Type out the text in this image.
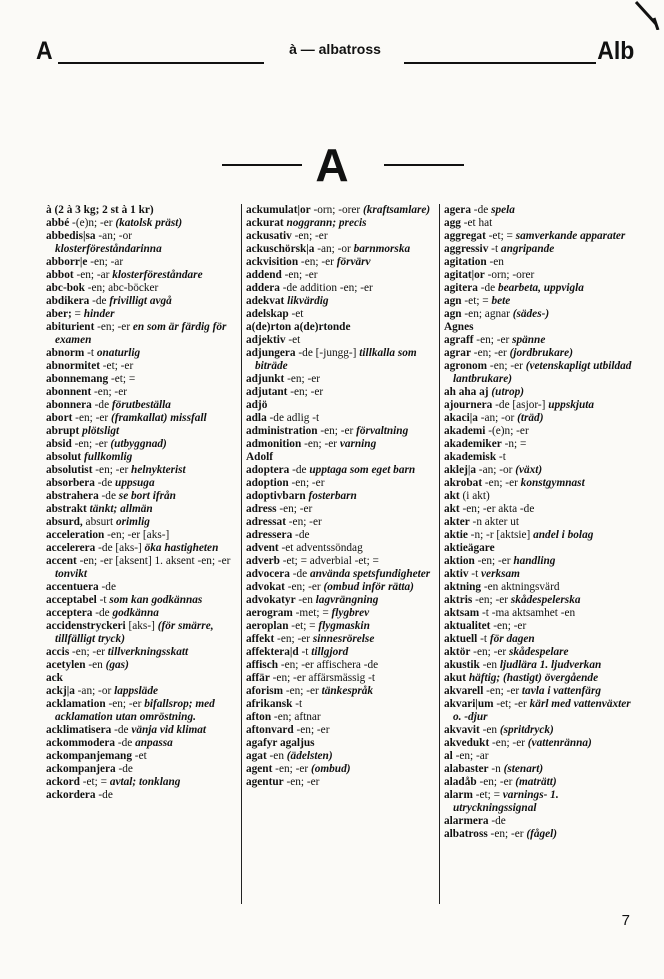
A	à — albatross	Alb
A

à (2 à 3 kg; 2 st à 1 kr)

abbé -(e)n; -er (katolsk präst)

abbedis|sa -an; -or klosterföreståndarinna

abborr|e -en; -ar

abbot -en; -ar klosterföreståndare

abc-bok -en; abc-böcker

abdikera -de frivilligt avgå

aber; = hinder

abiturient -en; -er en som är färdig för examen

abnorm -t onaturlig

abnormitet -et; -er

abonnemang -et; =

abonnent -en; -er

abonnera -de förutbeställa

abort -en; -er (framkallat) missfall

abrupt plötsligt

absid -en; -er (utbyggnad)

absolut fullkomlig

absolutist -en; -er helnykterist

absorbera -de uppsuga

abstrahera -de se bort ifrån

abstrakt tänkt; allmän

absurd, absurt orimlig

acceleration -en; -er [aks-]

accelerera -de [aks-] öka hastigheten

accent -en; -er [aksent] 1. aksent -en; -er tonvikt

accentuera -de

acceptabel -t som kan godkännas

acceptera -de godkänna

accidenstryckeri [aks-] (för smärre, tillfälligt tryck)

accis -en; -er tillverkningsskatt

acetylen -en (gas)

ack

ackj|a -an; -or lappsläde

acklamation -en; -er bifallsrop; med acklamation utan omröstning.

acklimatisera -de vänja vid klimat

ackommodera -de anpassa

ackompanjemang -et

ackompanjera -de

ackord -et; = avtal; tonklang

ackordera -de

ackumulat|or -orn; -orer (kraftsamlare)

ackurat noggrann; precis

ackusativ -en; -er

ackuschörsk|a -an; -or barnmorska

ackvisition -en; -er förvärv

addend -en; -er

addera -de addition -en; -er

adekvat likvärdig

adelskap -et

a(de)rton a(de)rtonde

adjektiv -et

adjungera -de [-jungg-] tillkalla som biträde

adjunkt -en; -er

adjutant -en; -er

adjö

adla -de adlig -t

administration -en; -er förvaltning

admonition -en; -er varning

Adolf

adoptera -de upptaga som eget barn

adoption -en; -er

adoptivbarn fosterbarn

adress -en; -er

adressat -en; -er

adressera -de

advent -et adventssöndag

adverb -et; = adverbial -et; =

advocera -de använda spetsfundigheter

advokat -en; -er (ombud inför rätta)

advokatyr -en lagvrängning

aerogram -met; = flygbrev

aeroplan -et; = flygmaskin

affekt -en; -er sinnesrörelse

affektera|d -t tillgjord

affisch -en; -er affischera -de

affär -en; -er affärsmässig -t

aforism -en; -er tänkespråk

afrikansk -t

afton -en; aftnar

aftonvard -en; -er

agafyr agaljus

agat -en (ädelsten)

agent -en; -er (ombud)

agentur -en; -er

agera -de spela

agg -et hat

aggregat -et; = samverkande apparater

aggressiv -t angripande

agitation -en

agitat|or -orn; -orer

agitera -de bearbeta, uppvigla

agn -et; = bete

agn -en; agnar (sädes-)

Agnes

agraff -en; -er spänne

agrar -en; -er (jordbrukare)

agronom -en; -er (vetenskapligt utbildad lantbrukare)

ah aha aj (utrop)

ajournera -de [asjor-] uppskjuta

akaci|a -an; -or (träd)

akademi -(e)n; -er

akademiker -n; =

akademisk -t

aklej|a -an; -or (växt)

akrobat -en; -er konstgymnast

akt (i akt)

akt -en; -er akta -de

akter -n akter ut

aktie -n; -r [aktsie] andel i bolag

aktieägare

aktion -en; -er handling

aktiv -t verksam

aktning -en aktningsvärd

aktris -en; -er skådespelerska

aktsam -t -ma aktsamhet -en

aktualitet -en; -er

aktuell -t för dagen

aktör -en; -er skådespelare

akustik -en ljudlära 1. ljudverkan

akut häftig; (hastigt) övergående

akvarell -en; -er tavla i vattenfärg

akvari|um -et; -er kärl med vattenväxter o. -djur

akvavit -en (spritdryck)

akvedukt -en; -er (vattenränna)

al -en; -ar

alabaster -n (stenart)

aladåb -en; -er (maträtt)

alarm -et; = varnings- 1. utryckningssignal

alarmera -de

albatross -en; -er (fågel)

7
